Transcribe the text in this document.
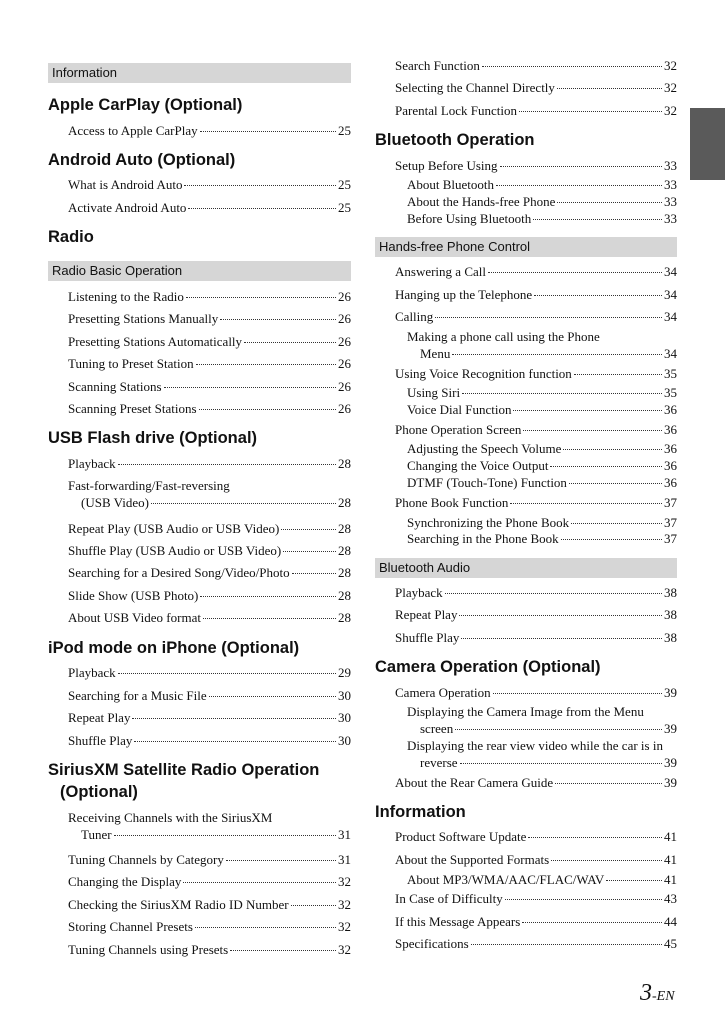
Information
Apple CarPlay (Optional)
Access to Apple CarPlay	25
Android Auto (Optional)
What is Android Auto	25
Activate Android Auto	25
Radio
Radio Basic Operation
Listening to the Radio	26
Presetting Stations Manually	26
Presetting Stations Automatically	26
Tuning to Preset Station	26
Scanning Stations	26
Scanning Preset Stations	26
USB Flash drive (Optional)
Playback	28
Fast-forwarding/Fast-reversing
(USB Video)	28
Repeat Play (USB Audio or USB Video)	28
Shuffle Play (USB Audio or USB Video)	28
Searching for a Desired Song/Video/Photo	28
Slide Show (USB Photo)	28
About USB Video format	28
iPod mode on iPhone (Optional)
Playback	29
Searching for a Music File	30
Repeat Play	30
Shuffle Play	30
SiriusXM Satellite Radio Operation
(Optional)
Receiving Channels with the SiriusXM
Tuner	31
Tuning Channels by Category	31
Changing the Display	32
Checking the SiriusXM Radio ID Number	32
Storing Channel Presets	32
Tuning Channels using Presets	32
Search Function	32
Selecting the Channel Directly	32
Parental Lock Function	32
Bluetooth Operation
Setup Before Using	33
About Bluetooth	33
About the Hands-free Phone	33
Before Using Bluetooth	33
Hands-free Phone Control
Answering a Call	34
Hanging up the Telephone	34
Calling	34
Making a phone call using the Phone
Menu	34
Using Voice Recognition function	35
Using Siri	35
Voice Dial Function	36
Phone Operation Screen	36
Adjusting the Speech Volume	36
Changing the Voice Output	36
DTMF (Touch-Tone) Function	36
Phone Book Function	37
Synchronizing the Phone Book	37
Searching in the Phone Book	37
Bluetooth Audio
Playback	38
Repeat Play	38
Shuffle Play	38
Camera Operation (Optional)
Camera Operation	39
Displaying the Camera Image from the Menu
screen	39
Displaying the rear view video while the car is in
reverse	39
About the Rear Camera Guide	39
Information
Product Software Update	41
About the Supported Formats	41
About MP3/WMA/AAC/FLAC/WAV	41
In Case of Difficulty	43
If this Message Appears	44
Specifications	45
3-EN
